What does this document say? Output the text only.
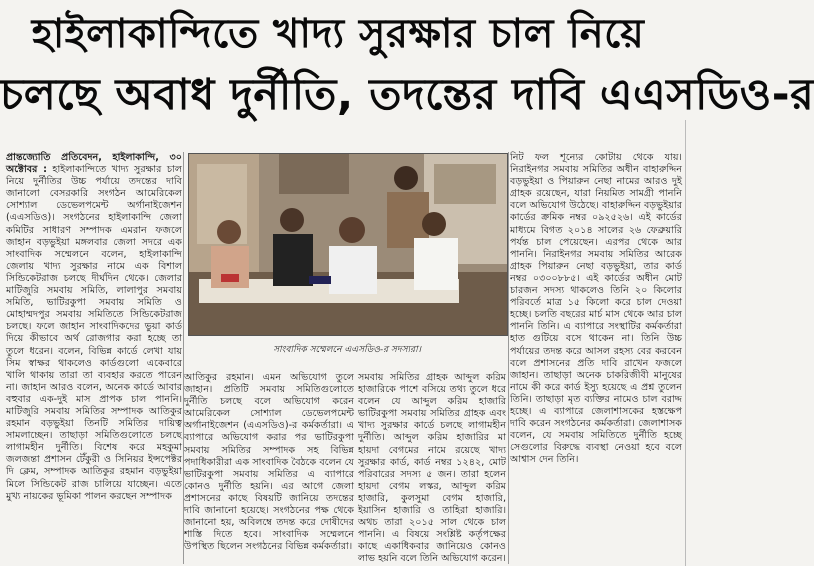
হাইলাকান্দিতে খাদ্য সুরক্ষার চাল নিয়ে
চলছে অবাধ দুর্নীতি, তদন্তের দাবি এএসডিও-র

প্রান্তজ্যোতি প্রতিবেদন, হাইলাকান্দি, ৩০ অক্টোবর : হাইলাকান্দিতে খাদ্য সুরক্ষার চাল নিয়ে দুর্নীতির উচ্চ পর্যায়ে তদন্তের দাবি জানালো বেসরকারি সংগঠন আমেরিকেল সোশ্যাল ডেভেলপমেন্ট অর্গানাইজেশন (এএসডিও)। সংগঠনের হাইলাকান্দি জেলা কমিটির সাধারণ সম্পাদক এমরান ফজলে জাহান বড়ভুইয়া মঙ্গলবার জেলা সদরে এক সাংবাদিক সম্মেলনে বলেন, হাইলাকান্দি জেলায় খাদ্য সুরক্ষার নামে এক বিশাল সিন্ডিকেটরাজ চলছে দীর্ঘদিন থেকে। জেলার মাটিজুরি সমবায় সমিতি, লালাপুর সমবায় সমিতি, ভাটিরকুপা সমবায় সমিতি ও মোহাম্মদপুর সমবায় সমিতিতে সিন্ডিকেটরাজ চলছে। ফলে জাহান সাংবাদিকদের ভুয়া কার্ড দিয়ে কীভাবে অর্থ রোজগার করা হচ্ছে তা তুলে ধরেন। বলেন, বিভিন্ন কার্ডে লেখা যায় সিম স্বাক্ষর থাকলেও কার্ডগুলো একেবারে খালি থাকায় তারা তা ব্যবহার করতে পারেন না। জাহান আরও বলেন, অনেক কার্ডে আবার বহুবার এক-দুই মাস প্রাপক চাল পাননি। মাটিজুরি সমবায় সমিতির সম্পাদক আতিকুর রহমান বড়ভুইয়া তিনটি সমিতির দায়িত্ব সামলাচ্ছেন। তাছাড়া সমিতিগুলোতে চলছে লাগামহীন দুর্নীতি। বিশেষ করে মহকুমা জলজন্তা প্রশাসন টেঁকুরী ও সিনিয়র ইন্সপেক্টর দি ক্লেম, সম্পাদক আতিকুর রহমান বড়ভুইয়া মিলে সিন্ডিকেট রাজ চালিয়ে যাচ্ছেন। এতে মুখ্য নায়কের ভূমিকা পালন করছেন সম্পাদক

সাংবাদিক সম্মেলনে এএসডিও-র সদস্যরা।

আতিকুর রহমান। এমন অভিযোগ তুলে জাহান। প্রতিটি সমবায় সমিতিগুলোতে দুর্নীতি চলছে বলে অভিযোগ করেন আমেরিকেল সোশ্যাল ডেভেলপমেন্ট অর্গানাইজেশন (এএসডিও)-র কর্মকর্তারা। এ ব্যাপারে অভিযোগ করার পর ভাটিরকুপা সমবায় সমিতির সম্পাদক সহ বিভিন্ন পদাধিকারীরা এক সাংবাদিক বৈঠকে বলেন যে ভাটিরকুপা সমবায় সমিতির এ ব্যাপারে কোনও দুর্নীতি হয়নি। এর আগে জেলা প্রশাসনের কাছে বিষয়টি জানিয়ে তদন্তের দাবি জানানো হয়েছে। সংগঠনের পক্ষ থেকে জানানো হয়, অবিলম্বে তদন্ত করে দোষীদের শাস্তি দিতে হবে। সাংবাদিক সম্মেলনে উপস্থিত ছিলেন সংগঠনের বিভিন্ন কর্মকর্তারা।

সমবায় সমিতির গ্রাহক আব্দুল করিম হাজারিকে পাশে বসিয়ে তথ্য তুলে ধরে বলেন যে আব্দুল করিম হাজারি ভাটিরকুপা সমবায় সমিতির গ্রাহক এবং খাদ্য সুরক্ষার কার্ডে চলছে লাগামহীন দুর্নীতি। আব্দুল করিম হাজারির মা হায়দা বেগমের নামে রয়েছে খাদ্য সুরক্ষার কার্ড, কার্ড নম্বর ১২৪২, মোট পরিবারের সদস্য ৫ জন। তারা হলেন হায়দা বেগম লস্কর, আব্দুল করিম হাজারি, কুলসুমা বেগম হাজারি, ইয়াসিন হাজারি ও তাহিরা হাজারি। অথচ তারা ২০১৫ সাল থেকে চাল পাননি। এ বিষয়ে সংশ্লিষ্ট কর্তৃপক্ষের কাছে একাধিকবার জানিয়েও কোনও লাভ হয়নি বলে তিনি অভিযোগ করেন।

নিট ফল শূন্যের কোটায় থেকে যায়। নিরাইনগর সমবায় সমিতির অধীন বাহারুদ্দিন বড়ভুইয়া ও পিয়ারুন নেছা নামের আরও দুই গ্রাহক রয়েছেন, যারা নিয়মিত সামগ্রী পাননি বলে অভিযোগ উঠেছে। বাহারুদ্দিন বড়ভুইয়ার কার্ডের ক্রমিক নম্বর ০৯২৫২৬। এই কার্ডের মাধ্যমে বিগত ২০১৪ সালের ২৬ ফেব্রুয়ারি পর্যন্ত চাল পেয়েছেন। এরপর থেকে আর পাননি। নিরাইনগর সমবায় সমিতির আরেক গ্রাহক পিয়ারুন নেছা বড়ভুইয়া, তার কার্ড নম্বর ০৩০০৮৮৫। এই কার্ডের অধীন মোট চারজন সদস্য থাকলেও তিনি ২০ কিলোর পরিবর্তে মাত্র ১৫ কিলো করে চাল দেওয়া হচ্ছে। চলতি বছরের মার্চ মাস থেকে আর চাল পাননি তিনি। এ ব্যাপারে সংস্থাটির কর্মকর্তারা হাত গুটিয়ে বসে থাকেন না। তিনি উচ্চ পর্যায়ের তদন্ত করে আসল রহস্য বের করবেন বলে প্রশাসনের প্রতি দাবি রাখেন ফজলে জাহান। তাছাড়া অনেক চাকরিজীবী মানুষের নামে কী করে কার্ড ইস্যু হয়েছে এ প্রশ্ন তুলেন তিনি। তাছাড়া মৃত ব্যক্তির নামেও চাল বরাদ্দ হচ্ছে। এ ব্যাপারে জেলাশাসকের হস্তক্ষেপ দাবি করেন সংগঠনের কর্মকর্তারা। জেলাশাসক বলেন, যে সমবায় সমিতিতে দুর্নীতি হচ্ছে সেগুলোর বিরুদ্ধে ব্যবস্থা নেওয়া হবে বলে আশ্বাস দেন তিনি।
